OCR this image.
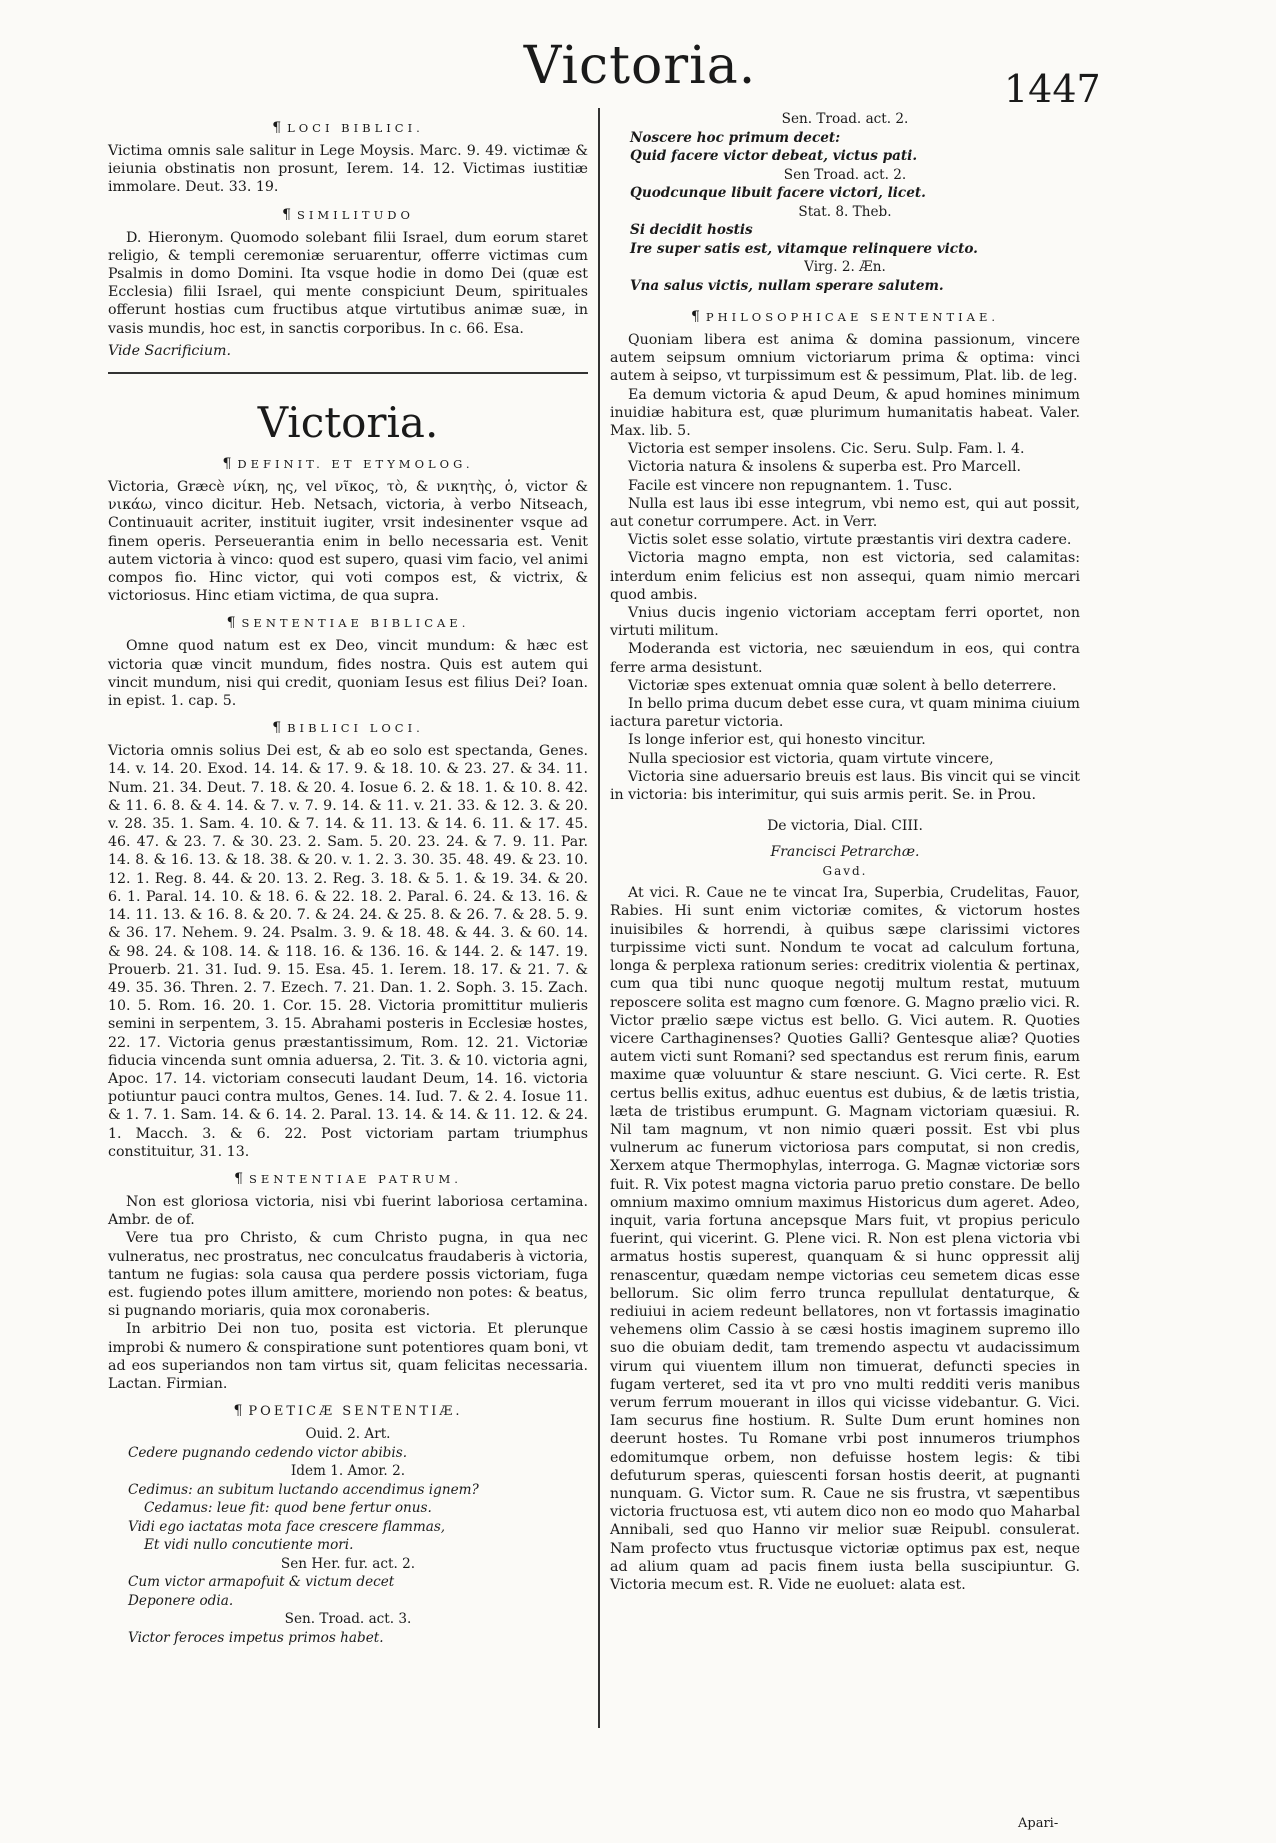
Victoria.	1447
¶ LOCI BIBLICI.

Victima omnis sale salitur in Lege Moysis. Marc. 9. 49. victimæ & ieiunia obstinatis non prosunt, Ierem. 14. 12. Victimas iustitiæ immolare. Deut. 33. 19.

¶ SIMILITUDO

D. Hieronym. Quomodo solebant filii Israel, dum eorum staret religio, & templi ceremoniæ seruarentur, offerre victimas cum Psalmis in domo Domini. Ita vsque hodie in domo Dei (quæ est Ecclesia) filii Israel, qui mente conspiciunt Deum, spirituales offerunt hostias cum fructibus atque virtutibus animæ suæ, in vasis mundis, hoc est, in sanctis corporibus. In c. 66. Esa.

Vide Sacrificium.

Victoria.
¶ DEFINIT. ET ETYMOLOG.

Victoria, Græcè νίκη, ης, vel νῖκος, τὸ, & νικητὴς, ὁ, victor & νικάω, vinco dicitur. Heb. Netsach, victoria, à verbo Nitseach, Continuauit acriter, instituit iugiter, vrsit indesinenter vsque ad finem operis. Perseuerantia enim in bello necessaria est. Venit autem victoria à vinco: quod est supero, quasi vim facio, vel animi compos fio. Hinc victor, qui voti compos est, & victrix, & victoriosus. Hinc etiam victima, de qua supra.

¶ SENTENTIAE BIBLICAE.

Omne quod natum est ex Deo, vincit mundum: & hæc est victoria quæ vincit mundum, fides nostra. Quis est autem qui vincit mundum, nisi qui credit, quoniam Iesus est filius Dei? Ioan. in epist. 1. cap. 5.

¶ BIBLICI LOCI.

Victoria omnis solius Dei est, & ab eo solo est spectanda, Genes. 14. v. 14. 20. Exod. 14. 14. & 17. 9. & 18. 10. & 23. 27. & 34. 11. Num. 21. 34. Deut. 7. 18. & 20. 4. Iosue 6. 2. & 18. 1. & 10. 8. 42. & 11. 6. 8. & 4. 14. & 7. v. 7. 9. 14. & 11. v. 21. 33. & 12. 3. & 20. v. 28. 35. 1. Sam. 4. 10. & 7. 14. & 11. 13. & 14. 6. 11. & 17. 45. 46. 47. & 23. 7. & 30. 23. 2. Sam. 5. 20. 23. 24. & 7. 9. 11. Par. 14. 8. & 16. 13. & 18. 38. & 20. v. 1. 2. 3. 30. 35. 48. 49. & 23. 10. 12. 1. Reg. 8. 44. & 20. 13. 2. Reg. 3. 18. & 5. 1. & 19. 34. & 20. 6. 1. Paral. 14. 10. & 18. 6. & 22. 18. 2. Paral. 6. 24. & 13. 16. & 14. 11. 13. & 16. 8. & 20. 7. & 24. 24. & 25. 8. & 26. 7. & 28. 5. 9. & 36. 17. Nehem. 9. 24. Psalm. 3. 9. & 18. 48. & 44. 3. & 60. 14. & 98. 24. & 108. 14. & 118. 16. & 136. 16. & 144. 2. & 147. 19. Prouerb. 21. 31. Iud. 9. 15. Esa. 45. 1. Ierem. 18. 17. & 21. 7. & 49. 35. 36. Thren. 2. 7. Ezech. 7. 21. Dan. 1. 2. Soph. 3. 15. Zach. 10. 5. Rom. 16. 20. 1. Cor. 15. 28. Victoria promittitur mulieris semini in serpentem, 3. 15. Abrahami posteris in Ecclesiæ hostes, 22. 17. Victoria genus præstantissimum, Rom. 12. 21. Victoriæ fiducia vincenda sunt omnia aduersa, 2. Tit. 3. & 10. victoria agni, Apoc. 17. 14. victoriam consecuti laudant Deum, 14. 16. victoria potiuntur pauci contra multos, Genes. 14. Iud. 7. & 2. 4. Iosue 11. & 1. 7. 1. Sam. 14. & 6. 14. 2. Paral. 13. 14. & 14. & 11. 12. & 24. 1. Macch. 3. & 6. 22. Post victoriam partam triumphus constituitur, 31. 13.

¶ SENTENTIAE PATRUM.

Non est gloriosa victoria, nisi vbi fuerint laboriosa certamina. Ambr. de of.

Vere tua pro Christo, & cum Christo pugna, in qua nec vulneratus, nec prostratus, nec conculcatus fraudaberis à victoria, tantum ne fugias: sola causa qua perdere possis victoriam, fuga est. fugiendo potes illum amittere, moriendo non potes: & beatus, si pugnando moriaris, quia mox coronaberis.

In arbitrio Dei non tuo, posita est victoria. Et plerunque improbi & numero & conspiratione sunt potentiores quam boni, vt ad eos superiandos non tam virtus sit, quam felicitas necessaria. Lactan. Firmian.

¶ POETICÆ SENTENTIÆ.
Ouid. 2. Art.
Cedere pugnando cedendo victor abibis.
Idem 1. Amor. 2.
Cedimus: an subitum luctando accendimus ignem?
Cedamus: leue fit: quod bene fertur onus.
Vidi ego iactatas mota face crescere flammas,
Et vidi nullo concutiente mori.
Sen Her. fur. act. 2.
Cum victor armapofuit & victum decet
Deponere odia.
Sen. Troad. act. 3.
Victor feroces impetus primos habet.
Sen. Troad. act. 2.
Noscere hoc primum decet:
Quid facere victor debeat, victus pati.
Sen Troad. act. 2.
Quodcunque libuit facere victori, licet.
Stat. 8. Theb.
Si decidit hostis
Ire super satis est, vitamque relinquere victo.
Virg. 2. Æn.
Vna salus victis, nullam sperare salutem.
¶ PHILOSOPHICAE SENTENTIAE.

Quoniam libera est anima & domina passionum, vincere autem seipsum omnium victoriarum prima & optima: vinci autem à seipso, vt turpissimum est & pessimum, Plat. lib. de leg.

Ea demum victoria & apud Deum, & apud homines minimum inuidiæ habitura est, quæ plurimum humanitatis habeat. Valer. Max. lib. 5.

Victoria est semper insolens. Cic. Seru. Sulp. Fam. l. 4.

Victoria natura & insolens & superba est. Pro Marcell.

Facile est vincere non repugnantem. 1. Tusc.

Nulla est laus ibi esse integrum, vbi nemo est, qui aut possit, aut conetur corrumpere. Act. in Verr.

Victis solet esse solatio, virtute præstantis viri dextra cadere.

Victoria magno empta, non est victoria, sed calamitas: interdum enim felicius est non assequi, quam nimio mercari quod ambis.

Vnius ducis ingenio victoriam acceptam ferri oportet, non virtuti militum.

Moderanda est victoria, nec sæuiendum in eos, qui contra ferre arma desistunt.

Victoriæ spes extenuat omnia quæ solent à bello deterrere.

In bello prima ducum debet esse cura, vt quam minima ciuium iactura paretur victoria.

Is longe inferior est, qui honesto vincitur.

Nulla speciosior est victoria, quam virtute vincere,

Victoria sine aduersario breuis est laus. Bis vincit qui se vincit in victoria: bis interimitur, qui suis armis perit. Se. in Prou.

De victoria, Dial. CIII.
Francisci Petrarchæ.
Gavd.

At vici. R. Caue ne te vincat Ira, Superbia, Crudelitas, Fauor, Rabies. Hi sunt enim victoriæ comites, & victorum hostes inuisibiles & horrendi, à quibus sæpe clarissimi victores turpissime victi sunt. Nondum te vocat ad calculum fortuna, longa & perplexa rationum series: creditrix violentia & pertinax, cum qua tibi nunc quoque negotij multum restat, mutuum reposcere solita est magno cum fœnore. G. Magno prælio vici. R. Victor prælio sæpe victus est bello. G. Vici autem. R. Quoties vicere Carthaginenses? Quoties Galli? Gentesque aliæ? Quoties autem victi sunt Romani? sed spectandus est rerum finis, earum maxime quæ voluuntur & stare nesciunt. G. Vici certe. R. Est certus bellis exitus, adhuc euentus est dubius, & de lætis tristia, læta de tristibus erumpunt. G. Magnam victoriam quæsiui. R. Nil tam magnum, vt non nimio quæri possit. Est vbi plus vulnerum ac funerum victoriosa pars computat, si non credis, Xerxem atque Thermophylas, interroga. G. Magnæ victoriæ sors fuit. R. Vix potest magna victoria paruo pretio constare. De bello omnium maximo omnium maximus Historicus dum ageret. Adeo, inquit, varia fortuna ancepsque Mars fuit, vt propius periculo fuerint, qui vicerint. G. Plene vici. R. Non est plena victoria vbi armatus hostis superest, quanquam & si hunc oppressit alij renascentur, quædam nempe victorias ceu semetem dicas esse bellorum. Sic olim ferro trunca repullulat dentaturque, & rediuiui in aciem redeunt bellatores, non vt fortassis imaginatio vehemens olim Cassio à se cæsi hostis imaginem supremo illo suo die obuiam dedit, tam tremendo aspectu vt audacissimum virum qui viuentem illum non timuerat, defuncti species in fugam verteret, sed ita vt pro vno multi redditi veris manibus verum ferrum mouerant in illos qui vicisse videbantur. G. Vici. Iam securus fine hostium. R. Sulte Dum erunt homines non deerunt hostes. Tu Romane vrbi post innumeros triumphos edomitumque orbem, non defuisse hostem legis: & tibi defuturum speras, quiescenti forsan hostis deerit, at pugnanti nunquam. G. Victor sum. R. Caue ne sis frustra, vt sæpentibus victoria fructuosa est, vti autem dico non eo modo quo Maharbal Annibali, sed quo Hanno vir melior suæ Reipubl. consulerat. Nam profecto vtus fructusque victoriæ optimus pax est, neque ad alium quam ad pacis finem iusta bella suscipiuntur. G. Victoria mecum est. R. Vide ne euoluet: alata est.

Apari-
